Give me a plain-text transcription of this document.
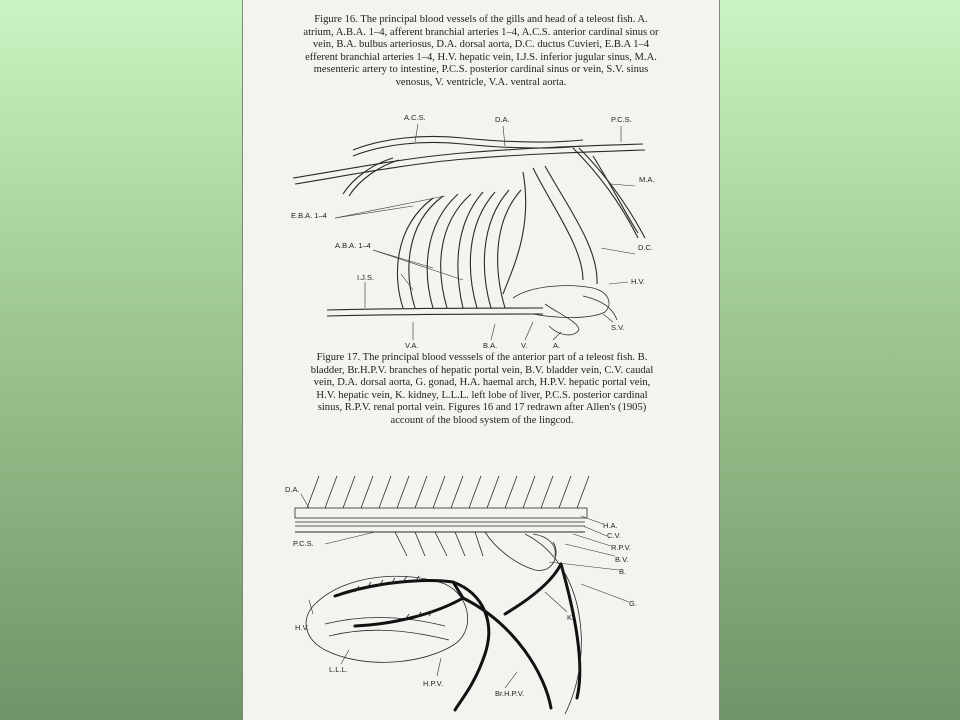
Figure 16. The principal blood vessels of the gills and head of a teleost fish. A. atrium, A.B.A. 1–4, afferent branchial arteries 1–4, A.C.S. anterior cardinal sinus or vein, B.A. bulbus arteriosus, D.A. dorsal aorta, D.C. ductus Cuvieri, E.B.A 1–4 efferent branchial arteries 1–4, H.V. hepatic vein, I.J.S. inferior jugular sinus, M.A. mesenteric artery to intestine, P.C.S. posterior cardinal sinus or vein, S.V. sinus venosus, V. ventricle, V.A. ventral aorta.

A.C.S.	D.A.	P.C.S.
M.A.
E.B.A. 1–4
A.B.A. 1–4	D.C.
I.J.S.	H.V.
V.A.	B.A.	V.	A.
S.V.

Figure 17. The principal blood vesssels of the anterior part of a teleost fish. B. bladder, Br.H.P.V. branches of hepatic portal vein, B.V. bladder vein, C.V. caudal vein, D.A. dorsal aorta, G. gonad, H.A. haemal arch, H.P.V. hepatic portal vein, H.V. hepatic vein, K. kidney, L.L.L. left lobe of liver, P.C.S. posterior cardinal sinus, R.P.V. renal portal vein. Figures 16 and 17 redrawn after Allen's (1905) account of the blood system of the lingcod.

D.A.
H.A.
C.V.
R.P.V.
B.V.
B.
G.
P.C.S.
K.
H.V.
L.L.L.
H.P.V.
Br.H.P.V.
